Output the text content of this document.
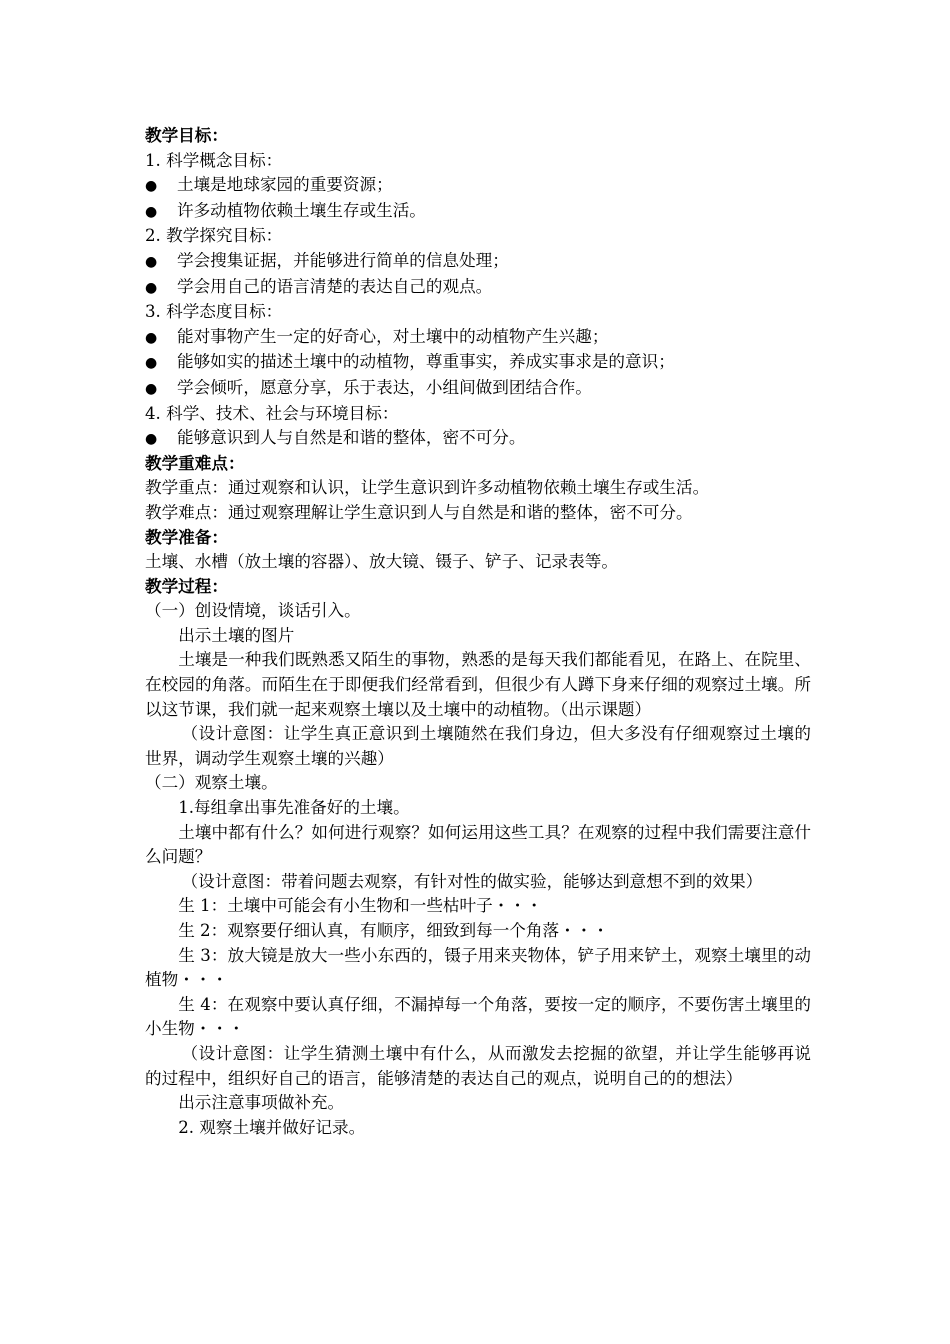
教学目标：

1. 科学概念目标：

●
土壤是地球家园的重要资源；
●
许多动植物依赖土壤生存或生活。

2. 教学探究目标：

●
学会搜集证据，并能够进行简单的信息处理；
●
学会用自己的语言清楚的表达自己的观点。

3. 科学态度目标：

●
能对事物产生一定的好奇心，对土壤中的动植物产生兴趣；
●
能够如实的描述土壤中的动植物，尊重事实，养成实事求是的意识；
●
学会倾听，愿意分享，乐于表达，小组间做到团结合作。

4. 科学、技术、社会与环境目标：

●
能够意识到人与自然是和谐的整体，密不可分。

教学重难点：

教学重点：通过观察和认识，让学生意识到许多动植物依赖土壤生存或生活。

教学难点：通过观察理解让学生意识到人与自然是和谐的整体，密不可分。

教学准备：

土壤、水槽（放土壤的容器）、放大镜、镊子、铲子、记录表等。

教学过程：

（一）创设情境，谈话引入。

出示土壤的图片

土壤是一种我们既熟悉又陌生的事物，熟悉的是每天我们都能看见，在路上、在院里、在校园的角落。而陌生在于即便我们经常看到，但很少有人蹲下身来仔细的观察过土壤。所以这节课，我们就一起来观察土壤以及土壤中的动植物。（出示课题）

（设计意图：让学生真正意识到土壤随然在我们身边，但大多没有仔细观察过土壤的世界，调动学生观察土壤的兴趣）

（二）观察土壤。

1.每组拿出事先准备好的土壤。

土壤中都有什么？如何进行观察？如何运用这些工具？在观察的过程中我们需要注意什么问题？

（设计意图：带着问题去观察，有针对性的做实验，能够达到意想不到的效果）

生 1：土壤中可能会有小生物和一些枯叶子・・・

生 2：观察要仔细认真，有顺序，细致到每一个角落・・・

生 3：放大镜是放大一些小东西的，镊子用来夹物体，铲子用来铲土，观察土壤里的动植物・・・

生 4：在观察中要认真仔细，不漏掉每一个角落，要按一定的顺序，不要伤害土壤里的小生物・・・

（设计意图：让学生猜测土壤中有什么，从而激发去挖掘的欲望，并让学生能够再说的过程中，组织好自己的语言，能够清楚的表达自己的观点，说明自己的的想法）

出示注意事项做补充。

2. 观察土壤并做好记录。
